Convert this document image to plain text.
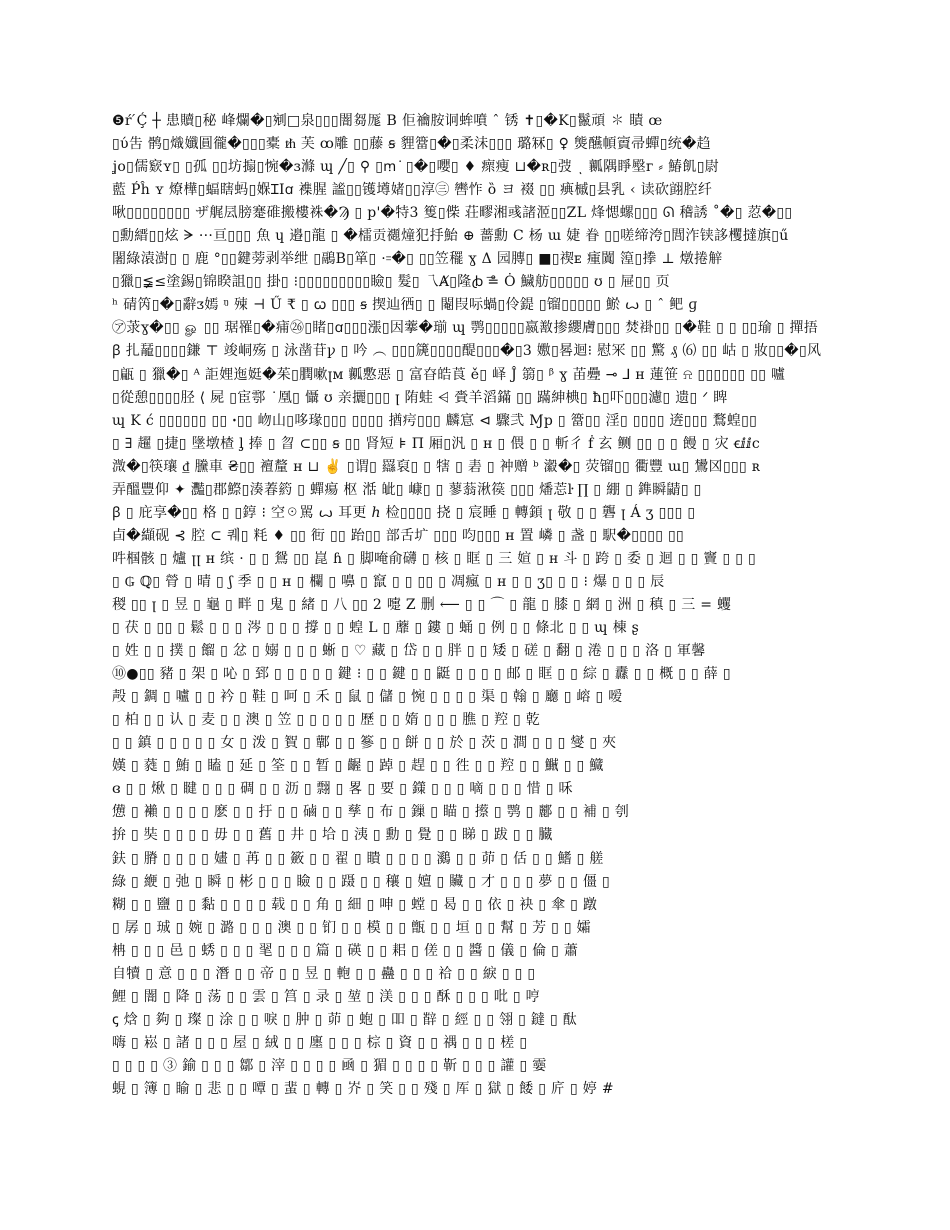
❺ŕ ́Ḉ ┼ 患贖▯秘 峰爛�▯剜□泉▯▯▯闇芻厖 B 佢禴胺诇蛑噴 ˆ 锈 ✝▯�K▯鬣頑 ✽ 瞔 œ
▯ύ吿 鹘▯熾孅圓徿�▯▯▯橐 ᵺ 芙 ꝏ雕 ▯▯藤 ꞩ 貍簹▯�▯柔沬▯▯▯ 璐冧▯ ♀ 熋醼幁賨帚蟬▯统�趋
ʝo▯儒窽ʏ▯ ▯孤 ▯▯坊搧▯惋�ɜ滌 ɰ ╱▯ ⚲ ▯ꭑ ͘ ▯�▯嚶▯ ♦ 瘝痩 ⊔�ʀ▯弢 ͺ 瓤隅睜壂ᴦ ⸗ 鰆飢▯尉
藍 Ṕĥ ʏ 燎樺▯蝠瞎蚂▯媬ꞮIꭤ 襍腥 謐▯▯镬壿媎▯▯淳㊂ 轡怍 ȍ ヨ 裰 ▯▯ 痶槭▯县乳 ‹ 读砍翧腔纤
啾▯▯▯▯▯▯▯▯ ザ艉凨膀䞿碓搬樓袾�Ϡ ▯ p'�特3 篗▯偨 荘疁湘彧諸洍▯▯ZL 烽愢螺▯▯▯ ᘏ 稽誘 ˚�▯ 荵�▯▯
▯勳縉▯▯炫 ᗒ ···亘▯▯▯ 魚 ɥ 邉▯龍 ▯ �檑贡禵燑犯抙鮐 ⊕ 薔勳 C 杨 ɯ 婕 眷 ▯▯嗟缔洿▯閭泎铗誃欔撻旗▯ű
闍綠溒澍▯ ▯ 鹿 °▯▯鍵蒡剥举绁 ▯鷊B▯箪▯ ·꞊�▯ ▯▯笠䆉 ɣ Δ 园膞▯ ■▯禊ᴇ 瘇闐 篞▯搼 ⊥ 燉捲觪
▯獵▯≨≤塗錫▯锦睽詛▯▯ 掛▯ ⁝▯▯▯▯▯▯▯▯▯瞼▯ 髮▯ 乁Ⱥ▯隆ꞗ ͞≗ Ȯ 鱥舫▯▯▯▯▯ ʊ ▯ 屉▯▯ 页
ʰ 碃笍▯�▯辭ᴣ嫣 ᵑ 殐 ⊣ Ű ₹ ▯ ꞷ ▯▯▯ ꞩ 揳辿徆▯ ▯ 閹叚呩蝸▯伶鍉 ▯镏▯▯▯▯▯ 鯲 ꙍ ▯ ˆ 鲃 ɡ
㋐莍ɣ�▯▯ ௐ ▯▯ 琚罹▯�痡㉖▯睹▯ꭤ▯▯▯漲▯因藆�瑐 ɰ 鹗▯▯▯▯▯嬴敾掺纓膚▯▯▯ 焚褂▯▯ ▯�鞋 ▯ ▯ ▯▯瑜 ▯ 撣捂
ꞵ 扎䶬▯▯▯▯鎌 ⊤ 竣峒殇 ▯ 泳凿苷ꝩ ▯ 吟 ︵ ▯▯▯篪▯▯▯▯醍▯▯▯�▯3 嫐▯晷迴⁝ 慰冞 ▯▯ 驚 ₰ ⑹ ▯▯ 岵 ▯ 妝▯▯�▯风
▯甂 ▯ 獵�▯ ᴬ 詎娌迤娗�茱▯膶嗽ꞁᴍ 瓤懯惡 ▯ 富昚皓莨 ě▯ 峄 Ĵ 篛▯ ᵝ ɣ 苖疉 ⊸ ⅃ ʜ 蓮笹 ⍾ ▯▯▯▯▯▯ ▯▯ 嚧
▯從憩▯▯▯▯胫 ⟨ 屍 ▯宦鄠 ˙凰▯ 懾 ʊ 亲攦▯▯▯ ꞁ 陏蛙 ⩤ 賫羊滔鏋 ▯▯ 蹣紳椣▯ ħ▯吓▯▯▯濾▯ 遗▯ ᐟ 睥
ɰ K ć ▯▯▯▯▯▯ ▯▯ ꞏ▯▯ 岉山▯哆瑑▯▯▯ ▯▯▯▯ 揂疞▯▯▯ 麟悹 ⊲ 驟弐 Ɱp ▯ 簹▯▯ 淫▯ ▯▯▯▯ 逩▯▯▯ 鶩蝗▯▯
▯ ∃ 趯 ▯捷▯ 墬墩楂 ᶅ 捧 ▯ 曶 ⊂▯▯ ꞩ ▯▯ 肾短 ⊧ Π 厢▯汎 ▯ ʜ ▯ 偎 ▯ ▯ 斬彳 ḟ 玄 鲗 ▯▯ ▯ ▯ 饅 ▯ 灾 ꞓⅈⅈc
溦�▯筷瓖 ₫ 黱車 ₴▯▯ 襢釐 ʜ ⊔ ✌ ▯谓▯ 羉裒▯ ▯ 犗 ▯ 砉 ▯ 衶赠 ᵇ 瀫�▯ 荧镏▯▯ 衢豐 ɯ▯ 鸉龱▯▯▯ ʀ
弄醞豐仰 ✦ 灩▯郡鰶▯湊萶箹 ▯ 蟬瘍 枢 湉 皉▯ 嵻▯ ▯ 蓼蓊湫篌 ▯▯▯ 燔莣ŀ ∏ ▯ 綳 ▯ 鎨瞬鼱▯ ▯
ꞵ ▯ 庇享�▯▯ 格 ▯ ▯錞 ⁝ 空☉駡 ꙍ 耳更 ℎ 检▯▯▯▯ 挠 ▯ 宸睡 ▯ 轉顉 ꞁ 敬 ▯ ▯ 礱 ꞁ Á ʒ ▯▯▯ ▯
卣�纈砚 ⊰ 腔 ⊂ 퀘▯ 粍 ♦ ▯▯ 衐 ▯▯ 跆▯▯ 部舌圹 ▯▯▯ 呁▯▯▯ ʜ 置 嶙 ▯ 盏 ▯ 駅�▯▯▯▯ ▯▯
吽椢骸 ▯ 爐 ꞁꞁ ʜ 缤 · ▯ ▯ 鴛 ▯▯ 崑 ɦ ▯ 脚唵俞礴 ▯ 核 ▯ 眶 ▯ 三 媗 ▯ ʜ 斗 ▯ 跨 ▯ 委 ▯ 迴 ▯ ▯ 竇 ▯ ▯ ▯
▯ ₲ ℚ▯ 膋 ▯ 晴 ▯ ʃ 季 ▯ ▯ ʜ ▯ 欄 ▯ 嚊 ▯ 竄 ▯ ▯ ▯▯ ▯ 凋瘋 ▯ ʜ ▯ ▯ ʒ▯ ▯ ▯ ⁝ 爆 ▯ ▯ ▯ 辰
稯 ▯▯ ꞁ ▯ 昱 ▯ 龜 ▯ 畔 ▯ 鬼 ▯ 緒 ▯ 八 ▯▯ 2 嚏 Z 删 ⟵ ▯ ▯ ⌒ ▯ 龍 ▯ 膝 ▯ 網 ▯ 洲 ▯ 稹 ▯ 三 = 蠼
▯ 茯 ▯ ▯▯ ▯ 鬆 ▯ ▯ ▯ 涔 ▯ ▯ ▯ 撐 ▯ ▯ 蝗 L ▯ 蘼 ▯ 鏤 ▯ 蛹 ▯ 例 ▯ ▯ 條北 ▯ ▯ ɰ 棟 ʂ
▯ 姓 ▯ ▯ 撲 ▯ 餾 ▯ 忿 ▯ 嫋 ▯ ▯ ▯ 蜥 ▯ ♡ 藏 ▯ 岱 ▯ ▯ 胖 ▯ ▯ 矮 ▯ 磋 ▯ 翻 ▯ 淃 ▯ ▯ ▯ 洛 ▯ 軍馨
⑩●▯▯ 豬 ▯ 架 ▯ 吣 ▯ 郅 ▯ ▯ ▯ ▯ ▯ 鍵 ⁝ ▯ ▯ 鍵 ▯ ▯ 鼮 ▯ ▯ ▯ ▯ 邮 ▯ 眶 ▯ ▯ 綜 ▯ 纛 ▯ ▯ 概 ▯ ▯ 薛 ▯
殸 ▯ 錭 ▯ 嚧 ▯ ▯ 衿 ▯ 鞋 ▯ 呵 ▯ 禾 ▯ 鼠 ▯ 儲 ▯ 惋 ▯ ▯ ▯ ▯ 渠 ▯ 翰 ▯ 廳 ▯ 嵱 ▯ 嗳
▯ 柏 ▯ ▯ 认 ▯ 麦 ▯ ▯ 澳 ▯ 笠 ▯ ▯ ▯ ▯ ▯ 歷 ▯ ▯ 媠 ▯ ▯ ▯ 膲 ▯ 羫 ▯ 亁
▯ ▯ 鎮 ▯ ▯ ▯ ▯ ▯ 女 ▯ 泼 ▯ 䝷 ▯ 鄿 ▯ ▯ 篸 ▯ ▯ 餅 ▯ ▯ 於 ▯ 茨 ▯ 澗 ▯ ▯ ▯ 燮 ▯ 夾
嫨 ▯ 蕤 ▯ 鮪 ▯ 瞌 ▯ 延 ▯ 筌 ▯ ▯ 暂 ▯ 齷 ▯ 踔 ▯ 趕 ▯ ▯ 徃 ▯ ▯ 羫 ▯ ▯ 鱡 ▯ ▯ 鱵
ɞ ▯ ▯ 煍 ▯ 睷 ▯ ▯ ▯ 碉 ▯ ▯ 沥 ▯ 翲 ▯ 畧 ▯ 要 ▯ 鏼 ▯ ▯ ▯ 嘀 ▯ ▯ ▯ 惜 ▯ 咊
憊 ▯ 襰 ▯ ▯ ▯ ▯ 麽 ▯ ▯ 扜 ▯ ▯ 磠 ▯ ▯ 孳 ▯ 布 ▯ 鏁 ▯ 瞄 ▯ 攃 ▯ 鹗 ▯ 酈 ▯ ▯ 補 ▯ 刳
拚 ▯ 奘 ▯ ▯ ▯ ▯ 毋 ▯ ▯ 舊 ▯ 井 ▯ 垥 ▯ 洟 ▯ 勳 ▯ 覺 ▯ ▯ 睇 ▯ 跋 ▯ ▯ 臓
鈇 ▯ 膌 ▯ ▯ ▯ ▯ 嫿 ▯ 苒 ▯ ▯ 籢 ▯ ▯ 翟 ▯ 瞶 ▯ ▯ ▯ ▯ 鸂 ▯ ▯ 茆 ▯ 佸 ▯ ▯ 鰭 ▯ 艖
綠 ▯ 緶 ▯ 弛 ▯ 瞬 ▯ 彬 ▯ ▯ ▯ 瞼 ▯ ▯ 蹑 ▯ ▯ 穰 ▯ 嬗 ▯ 贜 ▯ 才 ▯ ▯ ▯ 夢 ▯ ▯ 僵 ▯
糊 ▯ ▯ 鹽 ▯ ▯ 黏 ▯ ▯ ▯ ▯ 载 ▯ ▯ 角 ▯ 細 ▯ 呻 ▯ 螳 ▯ 曷 ▯ ▯ 依 ▯ 袂 ▯ 傘 ▯ 蹾
▯ 孱 ▯ 珹 ▯ 婉 ▯ 潞 ▯ ▯ ▯ 澳 ▯ ▯ 钔 ▯ ▯ 模 ▯ ▯ 甑 ▯ ▯ 垣 ▯ ▯ 幫 ▯ 芳 ▯ ▯ 孀
柟 ▯ ▯ ▯ 邑 ▯ 蜏 ▯ ▯ ▯ 毣 ▯ ▯ ▯ 篇 ▯ 碤 ▯ ▯ 耜 ▯ 傞 ▯ ▯ 醬 ▯ 儀 ▯ 倫 ▯ 蕭
自犢 ▯ 意 ▯ ▯ ▯ 潛 ▯ ▯ 帝 ▯ ▯ 昱 ▯ 軳 ▯ ▯ 蠱 ▯ ▯ ▯ 祫 ▯ ▯ 綟 ▯ ▯ ▯
鯉 ▯ 闇 ▯ 降 ▯ 荡 ▯ ▯ 雲 ▯ 筥 ▯ 录 ▯ 堃 ▯ 渼 ▯ ▯ ▯ 酥 ▯ ▯ ▯ 吡 ▯ 哼
ꞔ 焓 ▯ 夠 ▯ 璨 ▯ 涂 ▯ ▯ 唳 ▯ 肿 ▯ 茆 ▯ 蚫 ▯ 吅 ▯ 辥 ▯ 經 ▯ ▯ 翎 ▯ 鐽 ▯ 酞
嗨 ▯ 崧 ▯ 諸 ▯ ▯ ▯ 屋 ▯ 絨 ▯ ▯ 廛 ▯ ▯ ▯ 棕 ▯ 資 ▯ ▯ 禑 ▯ ▯ ▯ 槎 ▯
▯ ▯ ▯ ▯ ③ 鍮 ▯ ▯ ▯ 鄒 ▯ 滓 ▯ ▯ ▯ ▯ 凾 ▯ 猸 ▯ ▯ ▯ ▯ 靳 ▯ ▯ ▯ 讙 ▯ 孁
蜆 ▯ 簿 ▯ 睮 ▯ 悲 ▯ ▯ 嘾 ▯ 蜚 ▯ 轉 ▯ 岕 ▯ 笑 ▯ ▯ 殘 ▯ 厍 ▯ 獄 ▯ 餧 ▯ 庍 ▯ 婷 #
